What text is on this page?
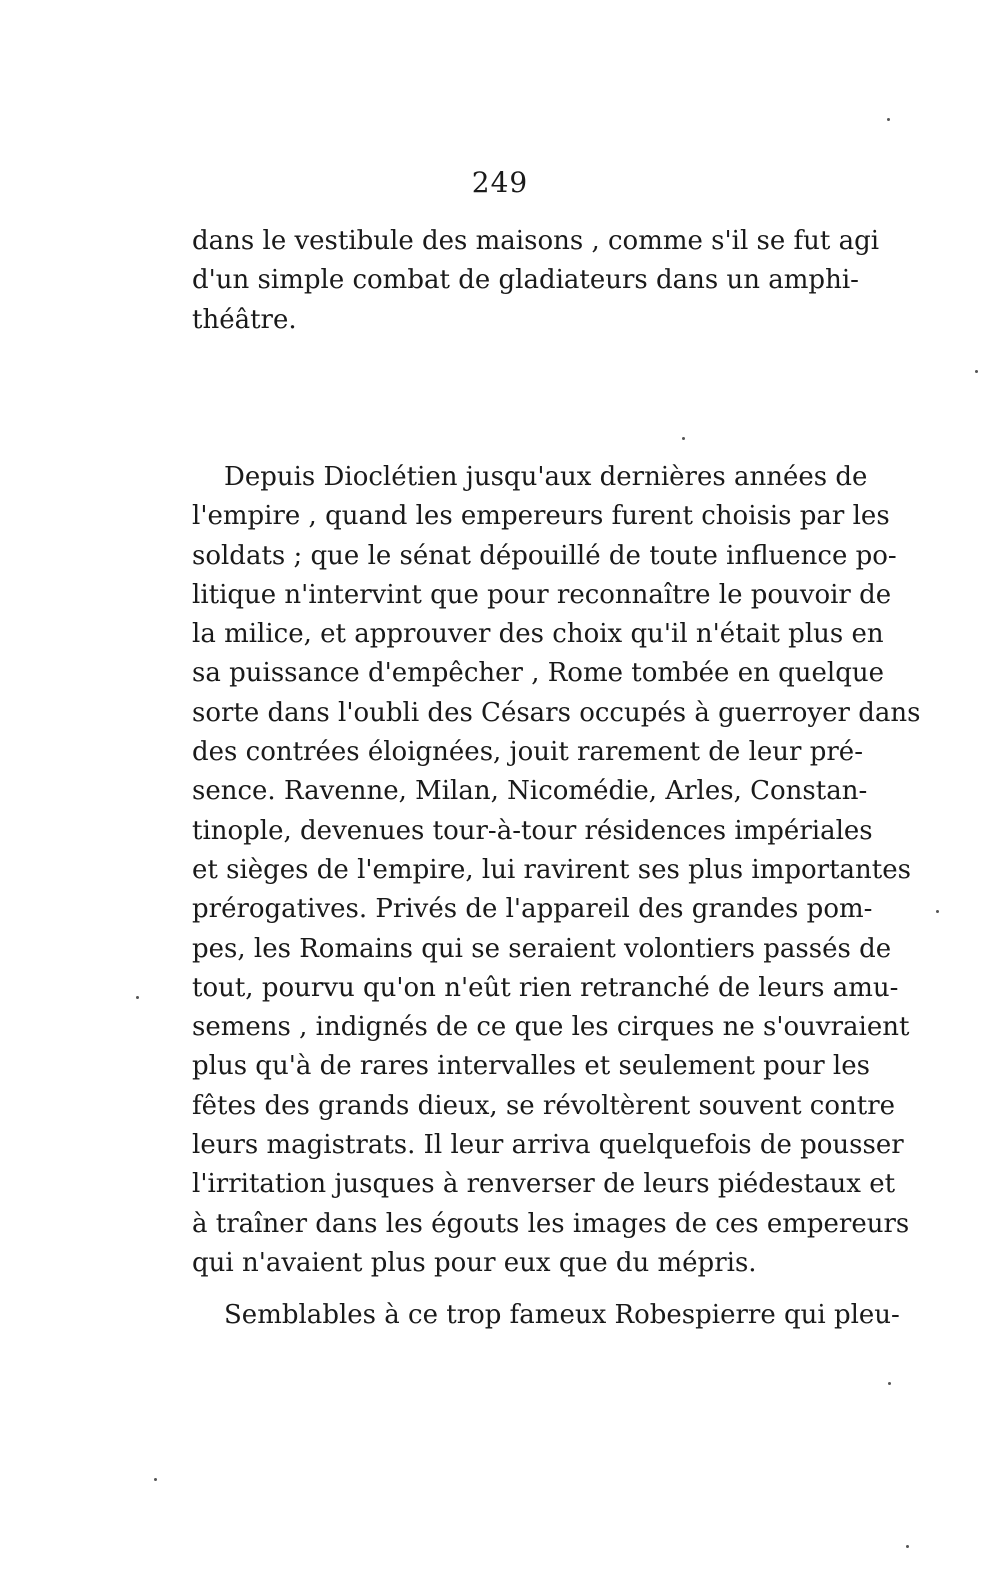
249
dans le vestibule des maisons , comme s'il se fut agi
d'un simple combat de gladiateurs dans un amphi-
théâtre.
Depuis Dioclétien jusqu'aux dernières années de
l'empire , quand les empereurs furent choisis par les
soldats ; que le sénat dépouillé de toute influence po-
litique n'intervint que pour reconnaître le pouvoir de
la milice, et approuver des choix qu'il n'était plus en
sa puissance d'empêcher , Rome tombée en quelque
sorte dans l'oubli des Césars occupés à guerroyer dans
des contrées éloignées, jouit rarement de leur pré-
sence. Ravenne, Milan, Nicomédie, Arles, Constan-
tinople, devenues tour-à-tour résidences impériales
et sièges de l'empire, lui ravirent ses plus importantes
prérogatives. Privés de l'appareil des grandes pom-
pes, les Romains qui se seraient volontiers passés de
tout, pourvu qu'on n'eût rien retranché de leurs amu-
semens , indignés de ce que les cirques ne s'ouvraient
plus qu'à de rares intervalles et seulement pour les
fêtes des grands dieux, se révoltèrent souvent contre
leurs magistrats. Il leur arriva quelquefois de pousser
l'irritation jusques à renverser de leurs piédestaux et
à traîner dans les égouts les images de ces empereurs
qui n'avaient plus pour eux que du mépris.
Semblables à ce trop fameux Robespierre qui pleu-
